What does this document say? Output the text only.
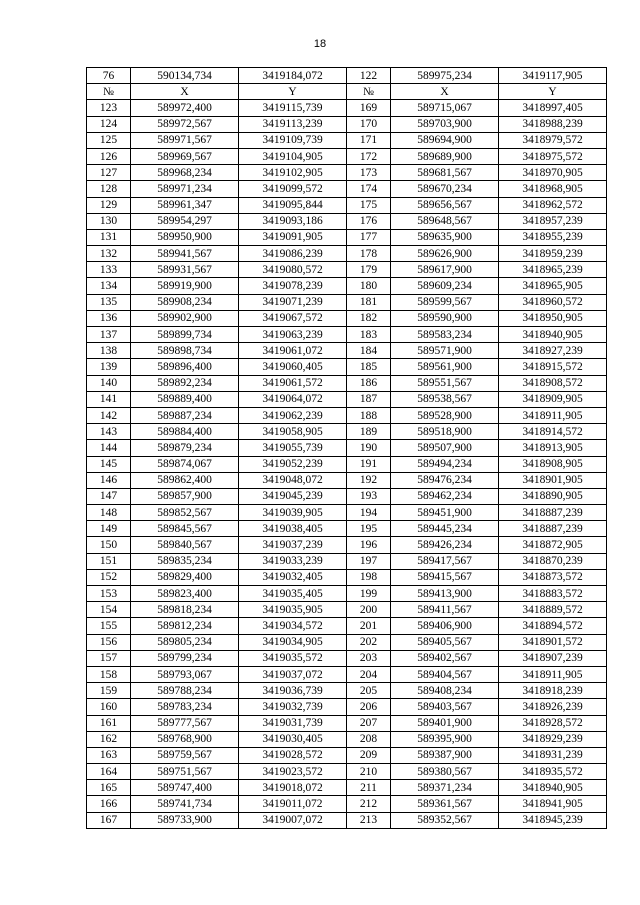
18
76	590134,734	3419184,072	122	589975,234	3419117,905
№	X	Y	№	X	Y
123	589972,400	3419115,739	169	589715,067	3418997,405
124	589972,567	3419113,239	170	589703,900	3418988,239
125	589971,567	3419109,739	171	589694,900	3418979,572
126	589969,567	3419104,905	172	589689,900	3418975,572
127	589968,234	3419102,905	173	589681,567	3418970,905
128	589971,234	3419099,572	174	589670,234	3418968,905
129	589961,347	3419095,844	175	589656,567	3418962,572
130	589954,297	3419093,186	176	589648,567	3418957,239
131	589950,900	3419091,905	177	589635,900	3418955,239
132	589941,567	3419086,239	178	589626,900	3418959,239
133	589931,567	3419080,572	179	589617,900	3418965,239
134	589919,900	3419078,239	180	589609,234	3418965,905
135	589908,234	3419071,239	181	589599,567	3418960,572
136	589902,900	3419067,572	182	589590,900	3418950,905
137	589899,734	3419063,239	183	589583,234	3418940,905
138	589898,734	3419061,072	184	589571,900	3418927,239
139	589896,400	3419060,405	185	589561,900	3418915,572
140	589892,234	3419061,572	186	589551,567	3418908,572
141	589889,400	3419064,072	187	589538,567	3418909,905
142	589887,234	3419062,239	188	589528,900	3418911,905
143	589884,400	3419058,905	189	589518,900	3418914,572
144	589879,234	3419055,739	190	589507,900	3418913,905
145	589874,067	3419052,239	191	589494,234	3418908,905
146	589862,400	3419048,072	192	589476,234	3418901,905
147	589857,900	3419045,239	193	589462,234	3418890,905
148	589852,567	3419039,905	194	589451,900	3418887,239
149	589845,567	3419038,405	195	589445,234	3418887,239
150	589840,567	3419037,239	196	589426,234	3418872,905
151	589835,234	3419033,239	197	589417,567	3418870,239
152	589829,400	3419032,405	198	589415,567	3418873,572
153	589823,400	3419035,405	199	589413,900	3418883,572
154	589818,234	3419035,905	200	589411,567	3418889,572
155	589812,234	3419034,572	201	589406,900	3418894,572
156	589805,234	3419034,905	202	589405,567	3418901,572
157	589799,234	3419035,572	203	589402,567	3418907,239
158	589793,067	3419037,072	204	589404,567	3418911,905
159	589788,234	3419036,739	205	589408,234	3418918,239
160	589783,234	3419032,739	206	589403,567	3418926,239
161	589777,567	3419031,739	207	589401,900	3418928,572
162	589768,900	3419030,405	208	589395,900	3418929,239
163	589759,567	3419028,572	209	589387,900	3418931,239
164	589751,567	3419023,572	210	589380,567	3418935,572
165	589747,400	3419018,072	211	589371,234	3418940,905
166	589741,734	3419011,072	212	589361,567	3418941,905
167	589733,900	3419007,072	213	589352,567	3418945,239
